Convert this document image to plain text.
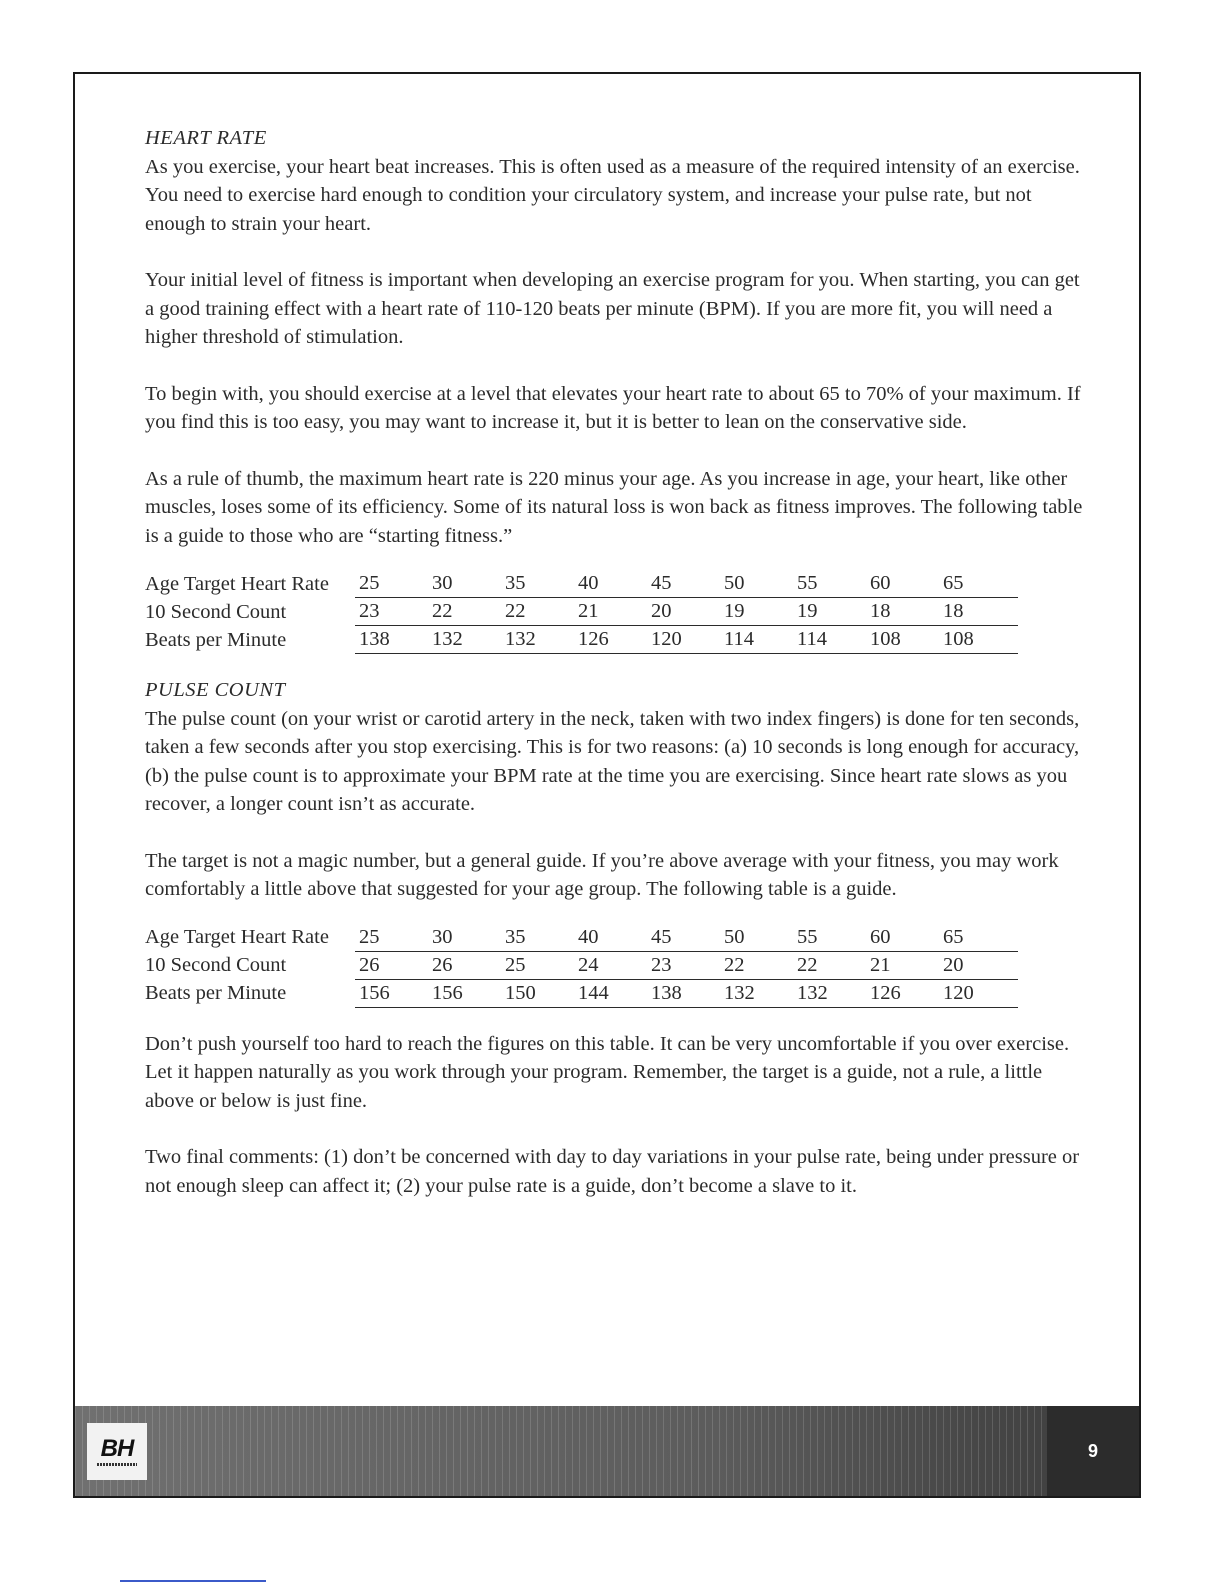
HEART RATE

As you exercise, your heart beat increases. This is often used as a measure of the required intensity of an exercise. You need to exercise hard enough to condition your circulatory system, and increase your pulse rate, but not enough to strain your heart.

Your initial level of fitness is important when developing an exercise program for you. When starting, you can get a good training effect with a heart rate of 110-120 beats per minute (BPM). If you are more fit, you will need a higher threshold of stimulation.

To begin with, you should exercise at a level that elevates your heart rate to about 65 to 70% of your maximum. If you find this is too easy, you may want to increase it, but it is better to lean on the conservative side.

As a rule of thumb, the maximum heart rate is 220 minus your age. As you increase in age, your heart, like other muscles, loses some of its efficiency. Some of its natural loss is won back as fitness improves. The following table is a guide to those who are “starting fitness.”

Age Target Heart Rate	25	30	35	40	45	50	55	60	65
10 Second Count	23	22	22	21	20	19	19	18	18
Beats per Minute	138	132	132	126	120	114	114	108	108
PULSE COUNT

The pulse count (on your wrist or carotid artery in the neck, taken with two index fingers) is done for ten seconds, taken a few seconds after you stop exercising. This is for two reasons: (a) 10 seconds is long enough for accuracy, (b) the pulse count is to approximate your BPM rate at the time you are exercising. Since heart rate slows as you recover, a longer count isn’t as accurate.

The target is not a magic number, but a general guide. If you’re above average with your fitness, you may work comfortably a little above that suggested for your age group. The following table is a guide.

Age Target Heart Rate	25	30	35	40	45	50	55	60	65
10 Second Count	26	26	25	24	23	22	22	21	20
Beats per Minute	156	156	150	144	138	132	132	126	120

Don’t push yourself too hard to reach the figures on this table. It can be very uncomfortable if you over exercise. Let it happen naturally as you work through your program. Remember, the target is a guide, not a rule, a little above or below is just fine.

Two final comments: (1) don’t be concerned with day to day variations in your pulse rate, being under pressure or not enough sleep can affect it; (2) your pulse rate is a guide, don’t become a slave to it.

BH	9
